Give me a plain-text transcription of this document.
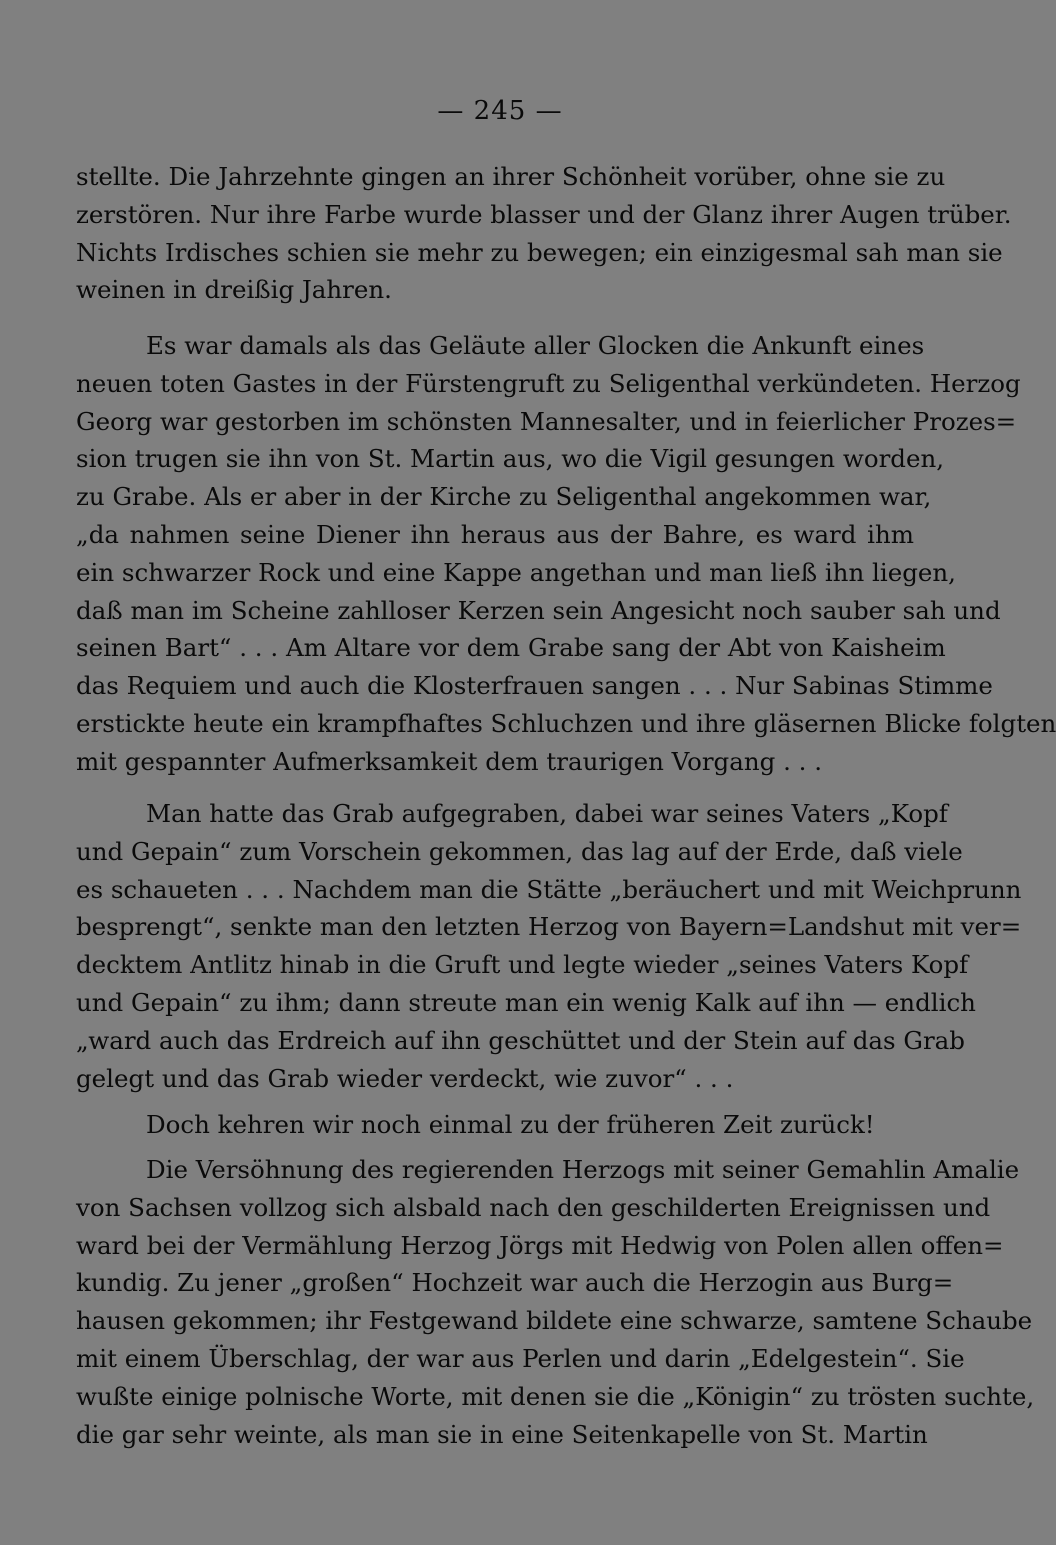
— 245 —
stellte. Die Jahrzehnte gingen an ihrer Schönheit vorüber, ohne sie zu
zerstören. Nur ihre Farbe wurde blasser und der Glanz ihrer Augen trüber.
Nichts Irdisches schien sie mehr zu bewegen; ein einzigesmal sah man sie
weinen in dreißig Jahren.
Es war damals als das Geläute aller Glocken die Ankunft eines
neuen toten Gastes in der Fürstengruft zu Seligenthal verkündeten. Herzog
Georg war gestorben im schönsten Mannesalter, und in feierlicher Prozes=
sion trugen sie ihn von St. Martin aus, wo die Vigil gesungen worden,
zu Grabe. Als er aber in der Kirche zu Seligenthal angekommen war,
„da nahmen seine Diener ihn heraus aus der Bahre, es ward ihm
ein schwarzer Rock und eine Kappe angethan und man ließ ihn liegen,
daß man im Scheine zahlloser Kerzen sein Angesicht noch sauber sah und
seinen Bart“ . . . Am Altare vor dem Grabe sang der Abt von Kaisheim
das Requiem und auch die Klosterfrauen sangen . . . Nur Sabinas Stimme
erstickte heute ein krampfhaftes Schluchzen und ihre gläsernen Blicke folgten
mit gespannter Aufmerksamkeit dem traurigen Vorgang . . .
Man hatte das Grab aufgegraben, dabei war seines Vaters „Kopf
und Gepain“ zum Vorschein gekommen, das lag auf der Erde, daß viele
es schaueten . . . Nachdem man die Stätte „beräuchert und mit Weichprunn
besprengt“, senkte man den letzten Herzog von Bayern=Landshut mit ver=
decktem Antlitz hinab in die Gruft und legte wieder „seines Vaters Kopf
und Gepain“ zu ihm; dann streute man ein wenig Kalk auf ihn — endlich
„ward auch das Erdreich auf ihn geschüttet und der Stein auf das Grab
gelegt und das Grab wieder verdeckt, wie zuvor“ . . .
Doch kehren wir noch einmal zu der früheren Zeit zurück!
Die Versöhnung des regierenden Herzogs mit seiner Gemahlin Amalie
von Sachsen vollzog sich alsbald nach den geschilderten Ereignissen und
ward bei der Vermählung Herzog Jörgs mit Hedwig von Polen allen offen=
kundig. Zu jener „großen“ Hochzeit war auch die Herzogin aus Burg=
hausen gekommen; ihr Festgewand bildete eine schwarze, samtene Schaube
mit einem Überschlag, der war aus Perlen und darin „Edelgestein“. Sie
wußte einige polnische Worte, mit denen sie die „Königin“ zu trösten suchte,
die gar sehr weinte, als man sie in eine Seitenkapelle von St. Martin
